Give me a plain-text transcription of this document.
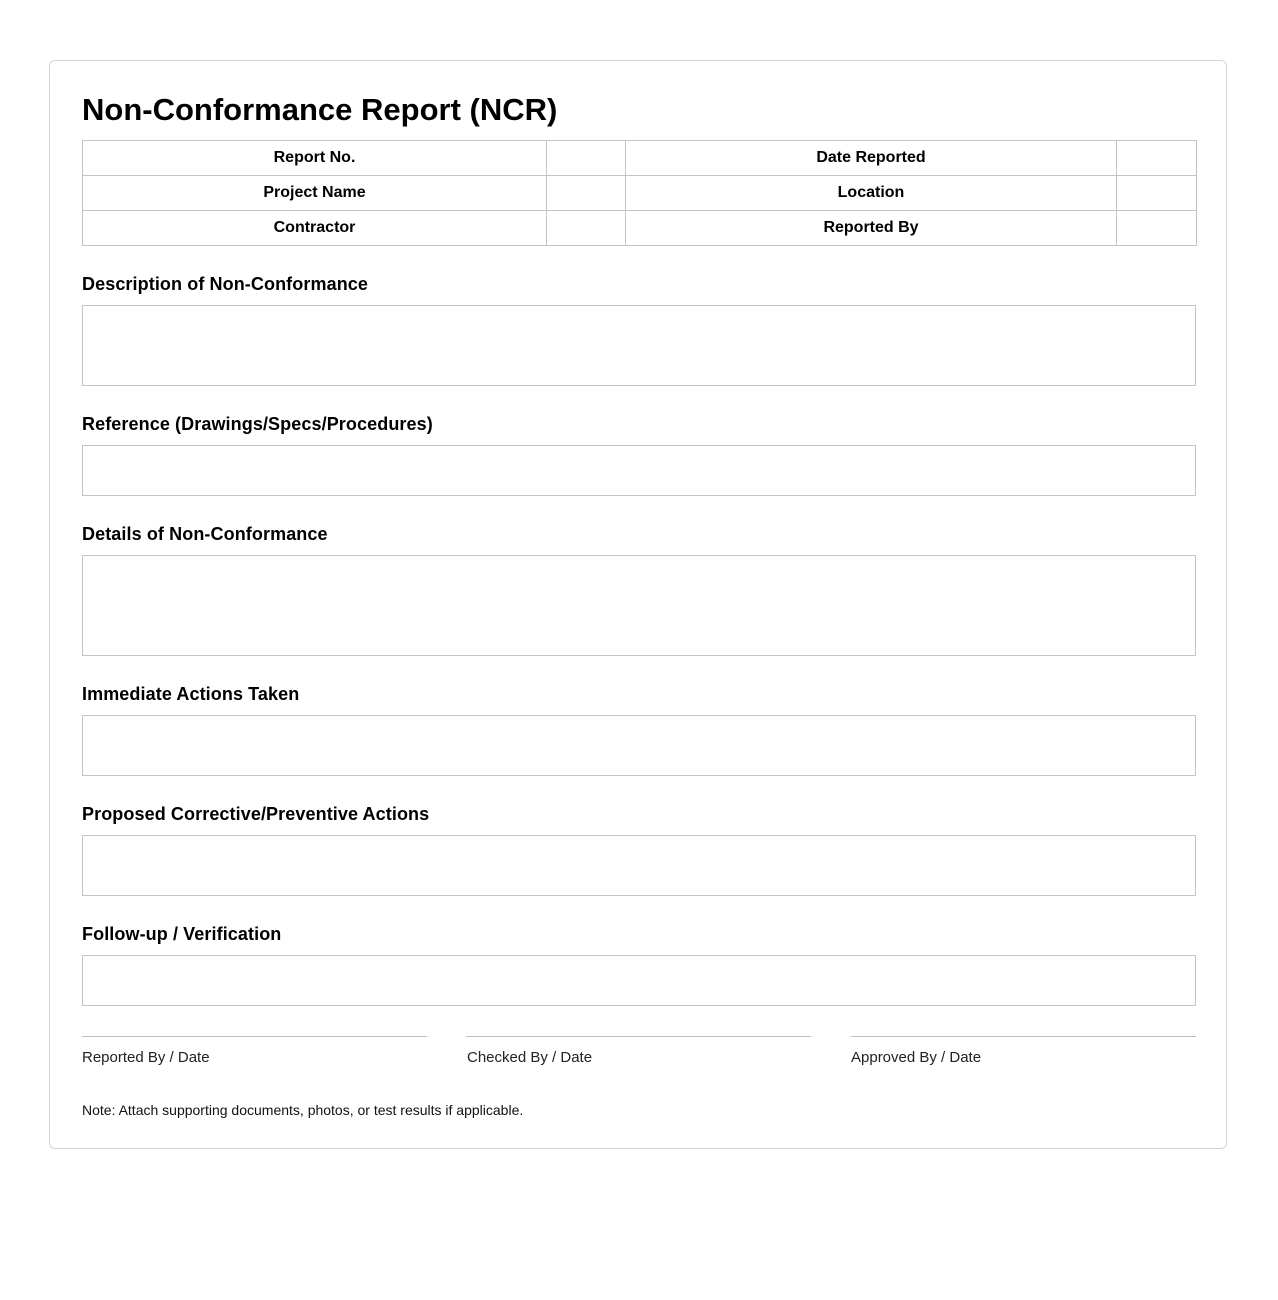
Non-Conformance Report (NCR)
Report No.		Date Reported	
Project Name		Location	
Contractor		Reported By	
Description of Non-Conformance
Reference (Drawings/Specs/Procedures)
Details of Non-Conformance
Immediate Actions Taken
Proposed Corrective/Preventive Actions
Follow-up / Verification
Reported By / Date	Checked By / Date	Approved By / Date
Note: Attach supporting documents, photos, or test results if applicable.
